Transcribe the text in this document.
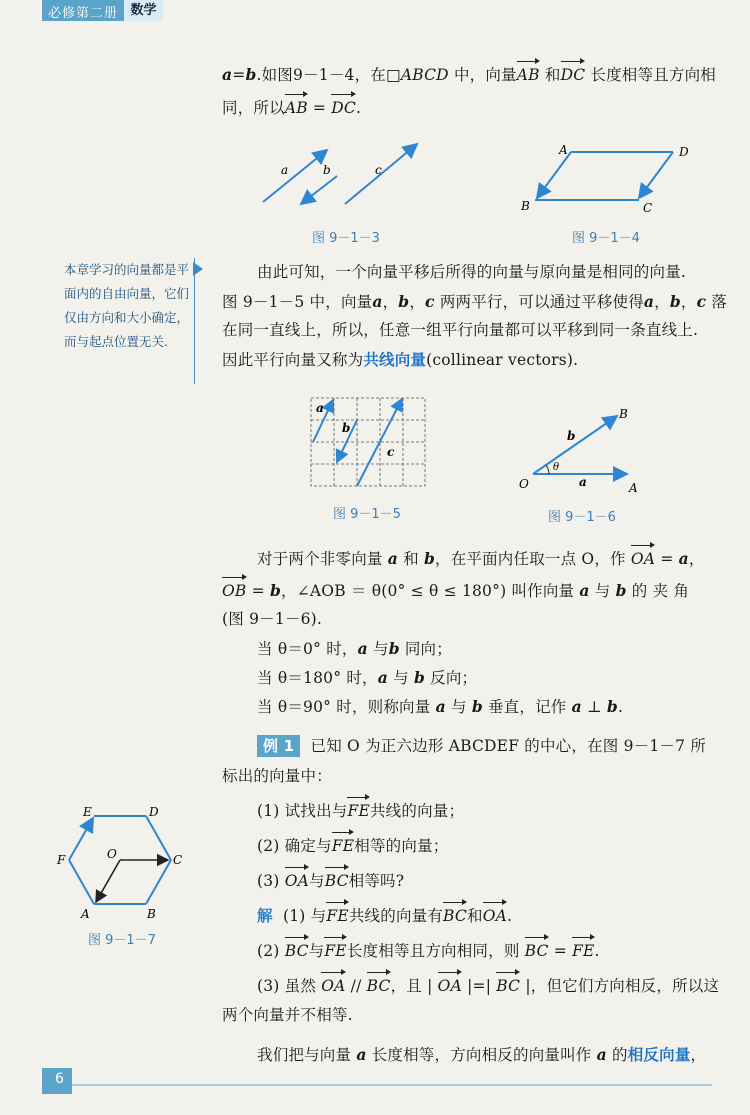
必修第二册 数学
a=b.如图9－1－4，在□ABCD 中，向量AB 和DC 长度相等且方向相
同，所以AB = DC.
a	b	c
图 9－1－3
A	D
B	C
图 9－1－4
本章学习的向量都是平面内的自由向量，它们仅由方向和大小确定，而与起点位置无关.
由此可知，一个向量平移后所得的向量与原向量是相同的向量.
图 9－1－5 中，向量a，b，c 两两平行，可以通过平移使得a，b，c 落
在同一直线上，所以，任意一组平行向量都可以平移到同一条直线上.
因此平行向量又称为共线向量(collinear vectors).
a
b
c
图 9－1－5
O	A
B
a
b
θ
图 9－1－6
对于两个非零向量 a 和 b，在平面内任取一点 O，作 OA = a，
OB = b，∠AOB ＝ θ(0° ≤ θ ≤ 180°) 叫作向量 a 与 b 的 夹 角
(图 9－1－6).
当 θ＝0° 时，a 与b 同向；
当 θ＝180° 时，a 与 b 反向；
当 θ＝90° 时，则称向量 a 与 b 垂直，记作 a ⊥ b.
例 1 已知 O 为正六边形 ABCDEF 的中心，在图 9－1－7 所
标出的向量中：
(1) 试找出与FE共线的向量；
(2) 确定与FE相等的向量；
(3) OA与BC相等吗?
解 (1) 与FE共线的向量有BC和OA.
(2) BC与FE长度相等且方向相同，则 BC = FE.
(3) 虽然 OA // BC，且 | OA |=| BC |，但它们方向相反，所以这
两个向量并不相等.
E	D
F	C
O
A	B
图 9－1－7
我们把与向量 a 长度相等，方向相反的向量叫作 a 的相反向量，
6
